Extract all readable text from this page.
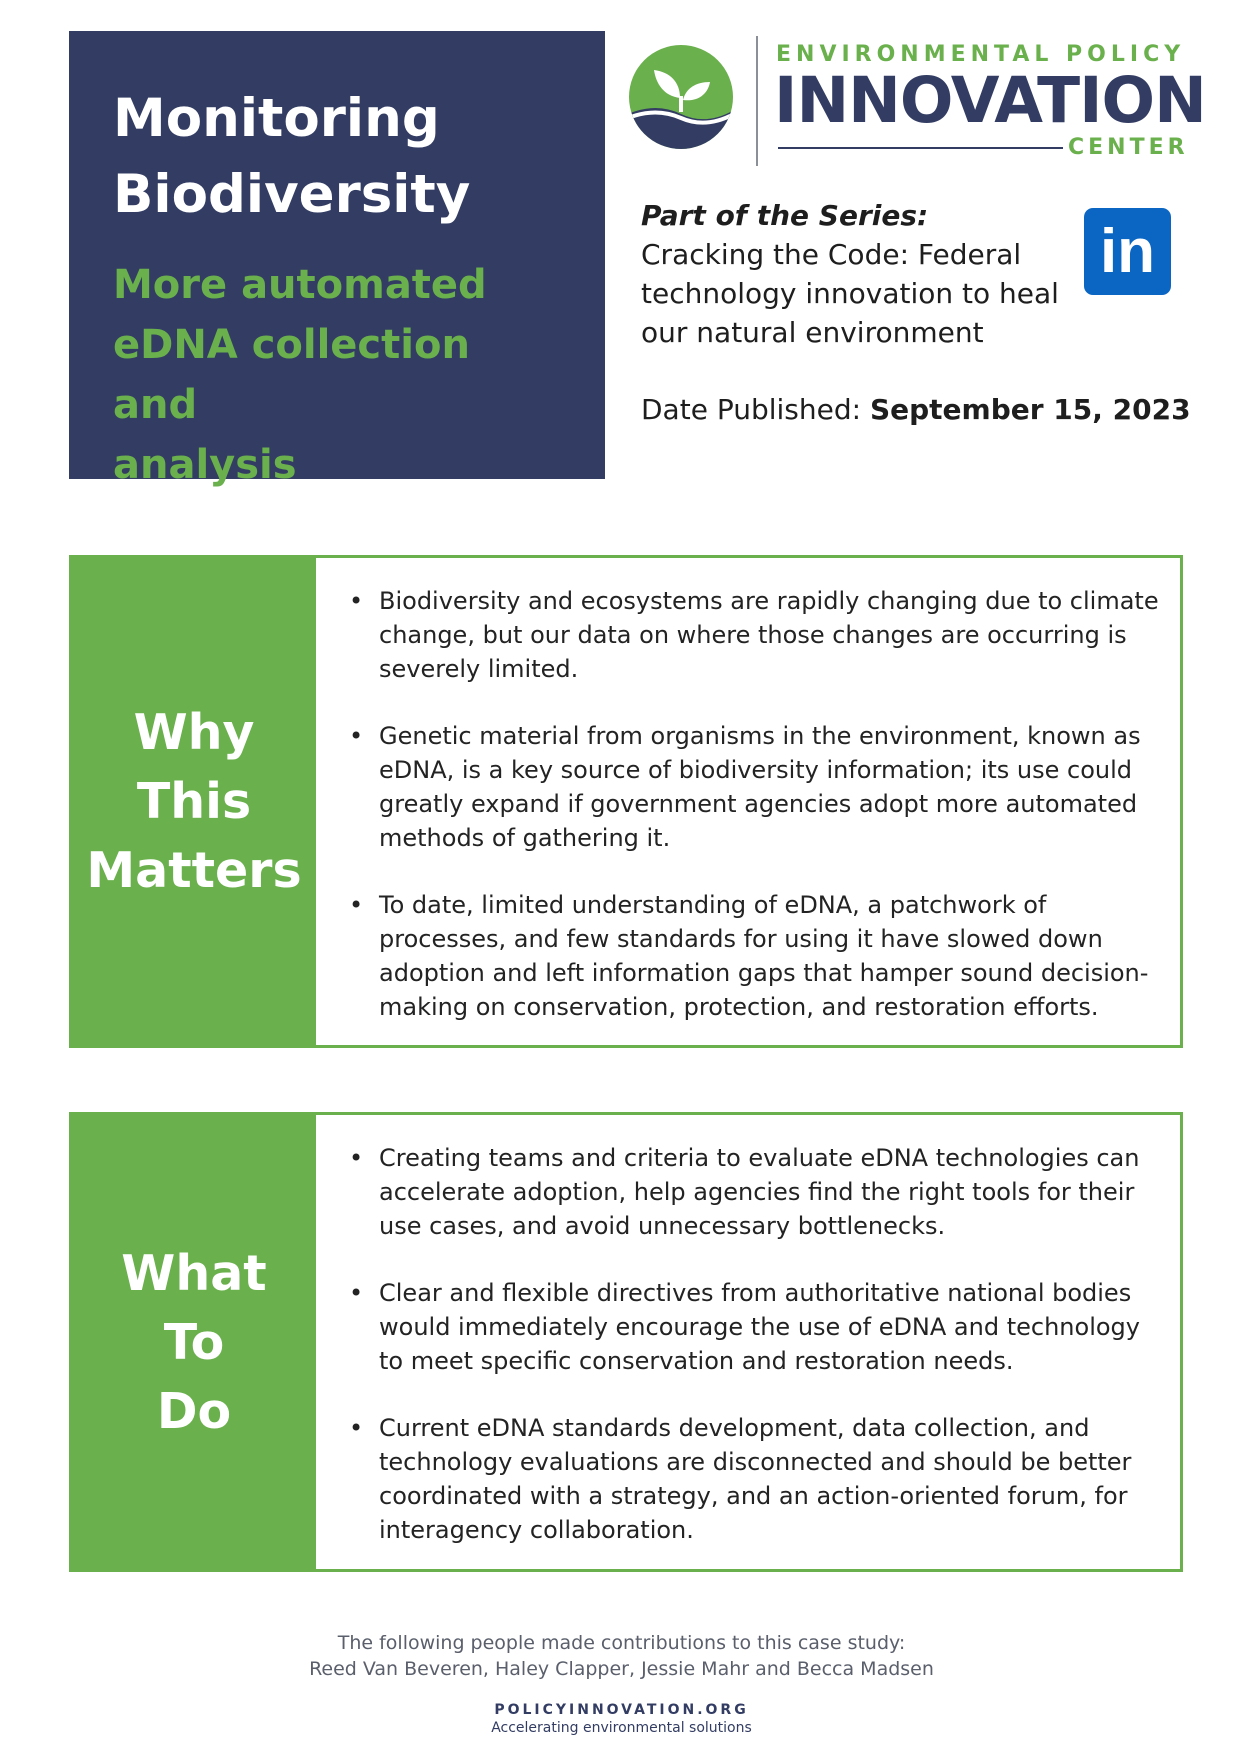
Monitoring
Biodiversity

More automated
eDNA collection and
analysis

ENVIRONMENTAL POLICY
INNOVATION
CENTER

Part of the Series:

Cracking the Code: Federal technology innovation to heal our natural environment

in
Date Published: September 15, 2023
Why
This
Matters
• Biodiversity and ecosystems are rapidly changing due to climate change, but our data on where those changes are occurring is severely limited.
• Genetic material from organisms in the environment, known as eDNA, is a key source of biodiversity information; its use could greatly expand if government agencies adopt more automated methods of gathering it.
• To date, limited understanding of eDNA, a patchwork of processes, and few standards for using it have slowed down adoption and left information gaps that hamper sound decision-making on conservation, protection, and restoration efforts.
What
To
Do
• Creating teams and criteria to evaluate eDNA technologies can accelerate adoption, help agencies find the right tools for their use cases, and avoid unnecessary bottlenecks.
• Clear and flexible directives from authoritative national bodies would immediately encourage the use of eDNA and technology to meet specific conservation and restoration needs.
• Current eDNA standards development, data collection, and technology evaluations are disconnected and should be better coordinated with a strategy, and an action-oriented forum, for interagency collaboration.
The following people made contributions to this case study:
Reed Van Beveren, Haley Clapper, Jessie Mahr and Becca Madsen
POLICYINNOVATION.ORG
Accelerating environmental solutions
